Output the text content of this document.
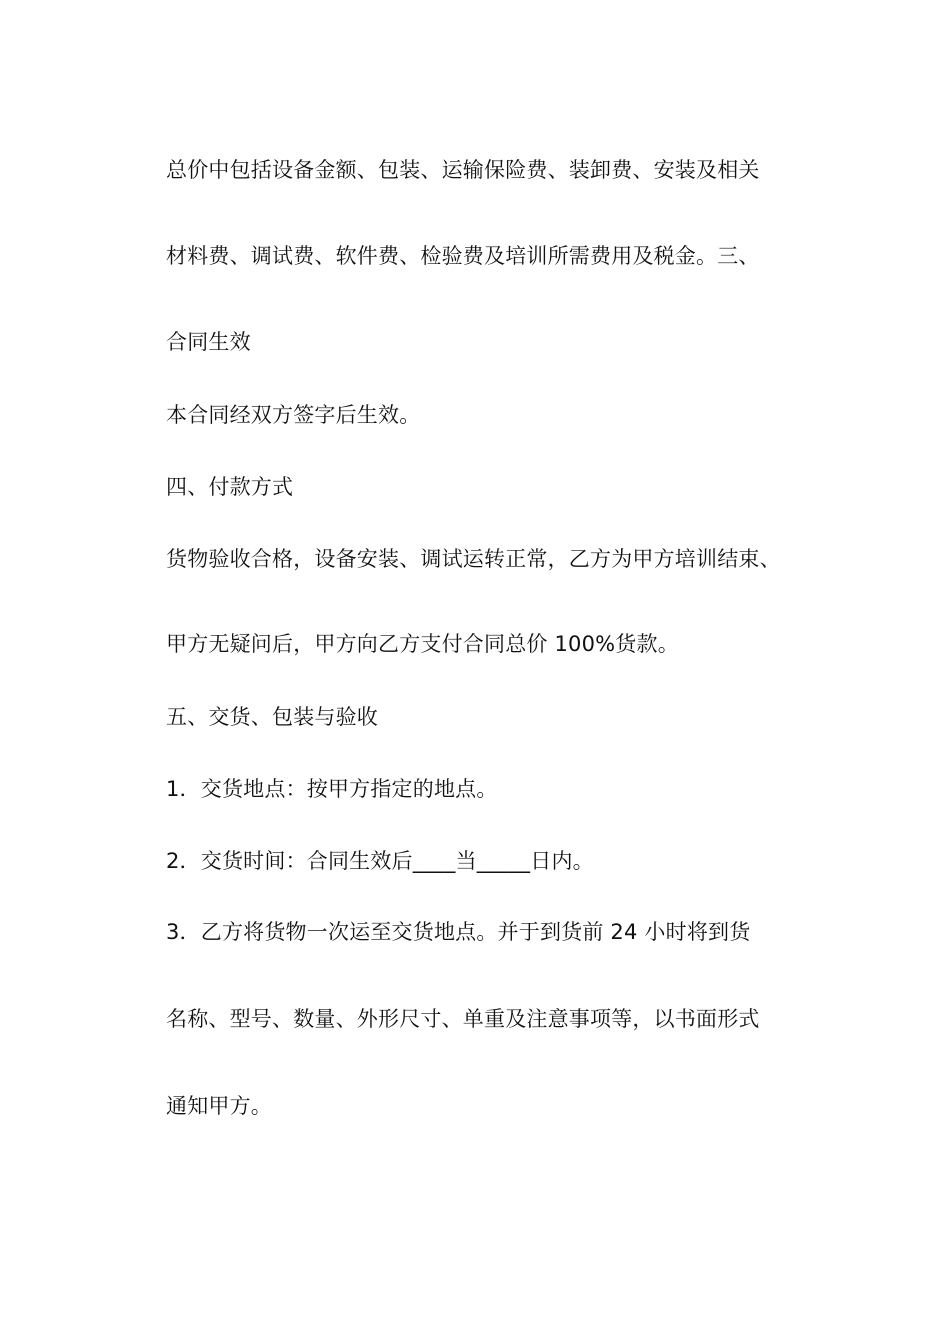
总价中包括设备金额、包装、运输保险费、装卸费、安装及相关
材料费、调试费、软件费、检验费及培训所需费用及税金。三、
合同生效
本合同经双方签字后生效。
四、付款方式
货物验收合格，设备安装、调试运转正常，乙方为甲方培训结束、
甲方无疑问后，甲方向乙方支付合同总价 100%货款。
五、交货、包装与验收
1．交货地点：按甲方指定的地点。
2．交货时间：合同生效后____当_____日内。
3．乙方将货物一次运至交货地点。并于到货前 24 小时将到货
名称、型号、数量、外形尺寸、单重及注意事项等，以书面形式
通知甲方。
